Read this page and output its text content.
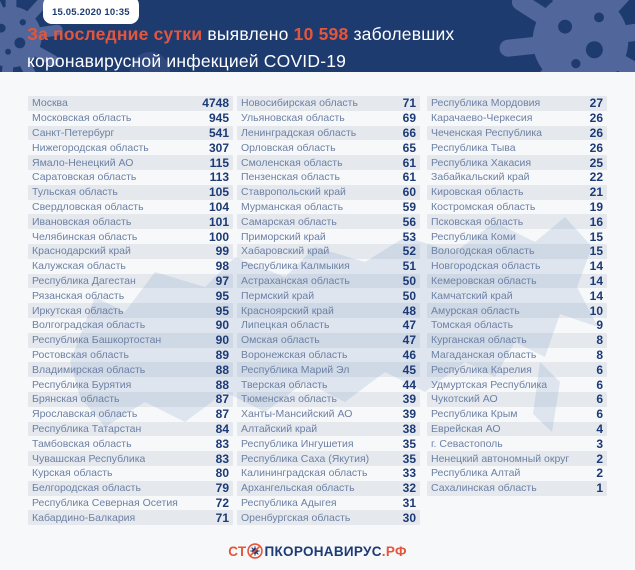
15.05.2020 10:35
За последние сутки выявлено 10 598 заболевших
коронавирусной инфекцией COVID-19
Москва	4748
Московская область	945
Санкт-Петербург	541
Нижегородская область	307
Ямало-Ненецкий АО	115
Саратовская область	113
Тульская область	105
Свердловская область	104
Ивановская область	101
Челябинская область	100
Краснодарский край	99
Калужская область	98
Республика Дагестан	97
Рязанская область	95
Иркутская область	95
Волгоградская область	90
Республика Башкортостан	90
Ростовская область	89
Владимирская область	88
Республика Бурятия	88
Брянская область	87
Ярославская область	87
Республика Татарстан	84
Тамбовская область	83
Чувашская Республика	83
Курская область	80
Белгородская область	79
Республика Северная Осетия	72
Кабардино-Балкария	71
Новосибирская область	71
Ульяновская область	69
Ленинградская область	66
Орловская область	65
Смоленская область	61
Пензенская область	61
Ставропольский край	60
Мурманская область	59
Самарская область	56
Приморский край	53
Хабаровский край	52
Республика Калмыкия	51
Астраханская область	50
Пермский край	50
Красноярский край	48
Липецкая область	47
Омская область	47
Воронежская область	46
Республика Марий Эл	45
Тверская область	44
Тюменская область	39
Ханты-Мансийский АО	39
Алтайский край	38
Республика Ингушетия	35
Республика Саха (Якутия)	35
Калининградская область	33
Архангельская область	32
Республика Адыгея	31
Оренбургская область	30
Республика Мордовия	27
Карачаево-Черкесия	26
Чеченская Республика	26
Республика Тыва	26
Республика Хакасия	25
Забайкальский край	22
Кировская область	21
Костромская область	19
Псковская область	16
Республика Коми	15
Вологодская область	15
Новгородская область	14
Кемеровская область	14
Камчатский край	14
Амурская область	10
Томская область	9
Курганская область	8
Магаданская область	8
Республика Карелия	6
Удмуртская Республика	6
Чукотский АО	6
Республика Крым	6
Еврейская АО	4
г. Севастополь	3
Ненецкий автономный округ 2
Республика Алтай	2
Сахалинская область	1
СТ ПКОРОНАВИРУС .РФ
